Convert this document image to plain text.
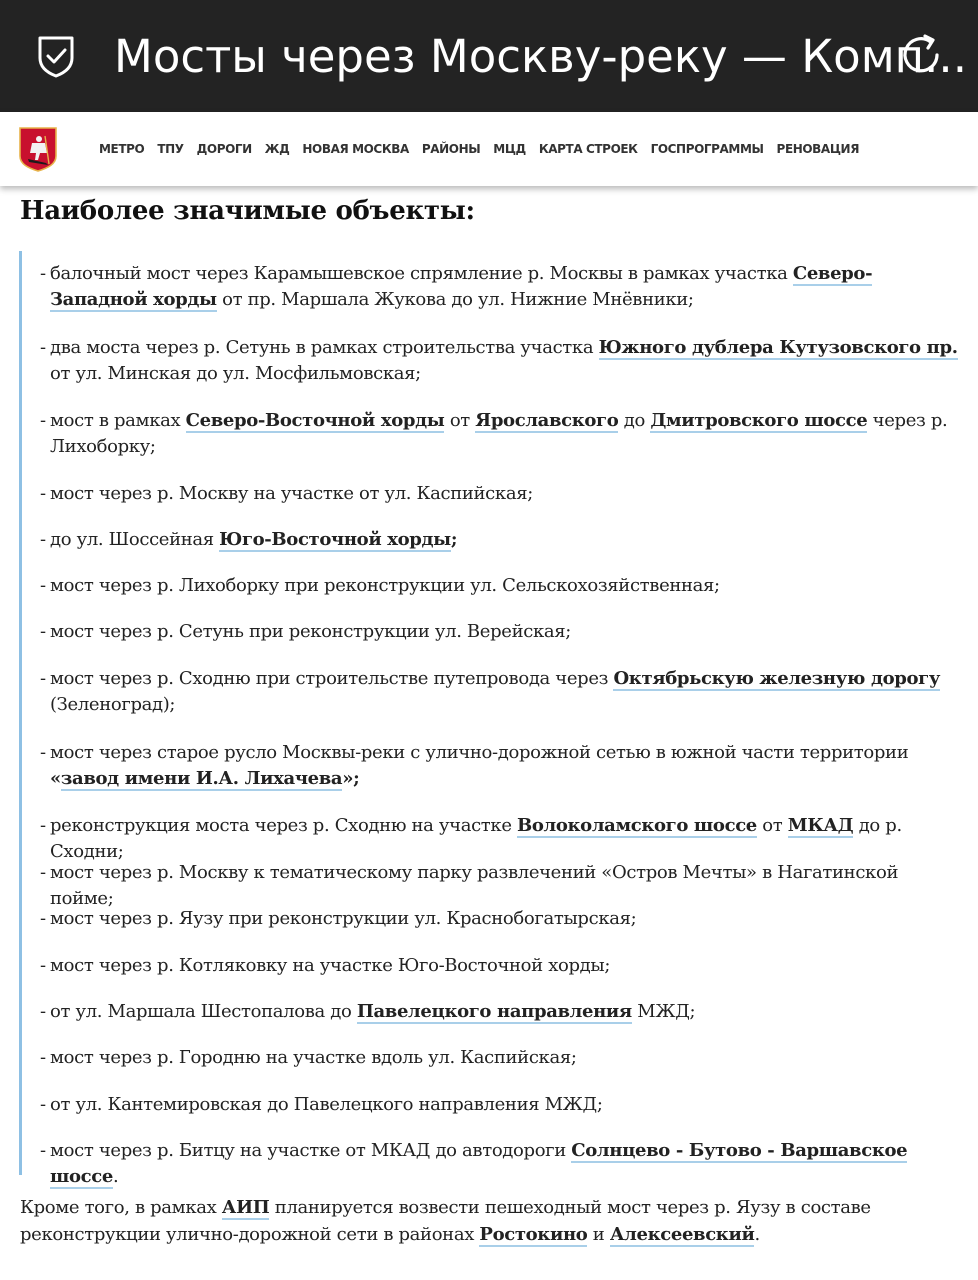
Мосты через Москву-реку — Комп...
МЕТРО ТПУ ДОРОГИ ЖД НОВАЯ МОСКВА РАЙОНЫ МЦД КАРТА СТРОЕК ГОСПРОГРАММЫ РЕНОВАЦИЯ
Наиболее значимые объекты:
- балочный мост через Карамышевское спрямление р. Москвы в рамках участка Северо-Западной хорды от пр. Маршала Жукова до ул. Нижние Мнёвники;
- два моста через р. Сетунь в рамках строительства участка Южного дублера Кутузовского пр. от ул. Минская до ул. Мосфильмовская;
- мост в рамках Северо-Восточной хорды от Ярославского до Дмитровского шоссе через р. Лихоборку;
- мост через р. Москву на участке от ул. Каспийская;
- до ул. Шоссейная Юго-Восточной хорды;
- мост через р. Лихоборку при реконструкции ул. Сельскохозяйственная;
- мост через р. Сетунь при реконструкции ул. Верейская;
- мост через р. Сходню при строительстве путепровода через Октябрьскую железную дорогу (Зеленоград);
- мост через старое русло Москвы-реки с улично-дорожной сетью в южной части территории «завод имени И.А. Лихачева»;
- реконструкция моста через р. Сходню на участке Волоколамского шоссе от МКАД до р. Сходни;
- мост через р. Москву к тематическому парку развлечений «Остров Мечты» в Нагатинской пойме;
- мост через р. Яузу при реконструкции ул. Краснобогатырская;
- мост через р. Котляковку на участке Юго-Восточной хорды;
- от ул. Маршала Шестопалова до Павелецкого направления МЖД;
- мост через р. Городню на участке вдоль ул. Каспийская;
- от ул. Кантемировская до Павелецкого направления МЖД;
- мост через р. Битцу на участке от МКАД до автодороги Солнцево - Бутово - Варшавское шоссе.

Кроме того, в рамках АИП планируется возвести пешеходный мост через р. Яузу в составе реконструкции улично-дорожной сети в районах Ростокино и Алексеевский.
